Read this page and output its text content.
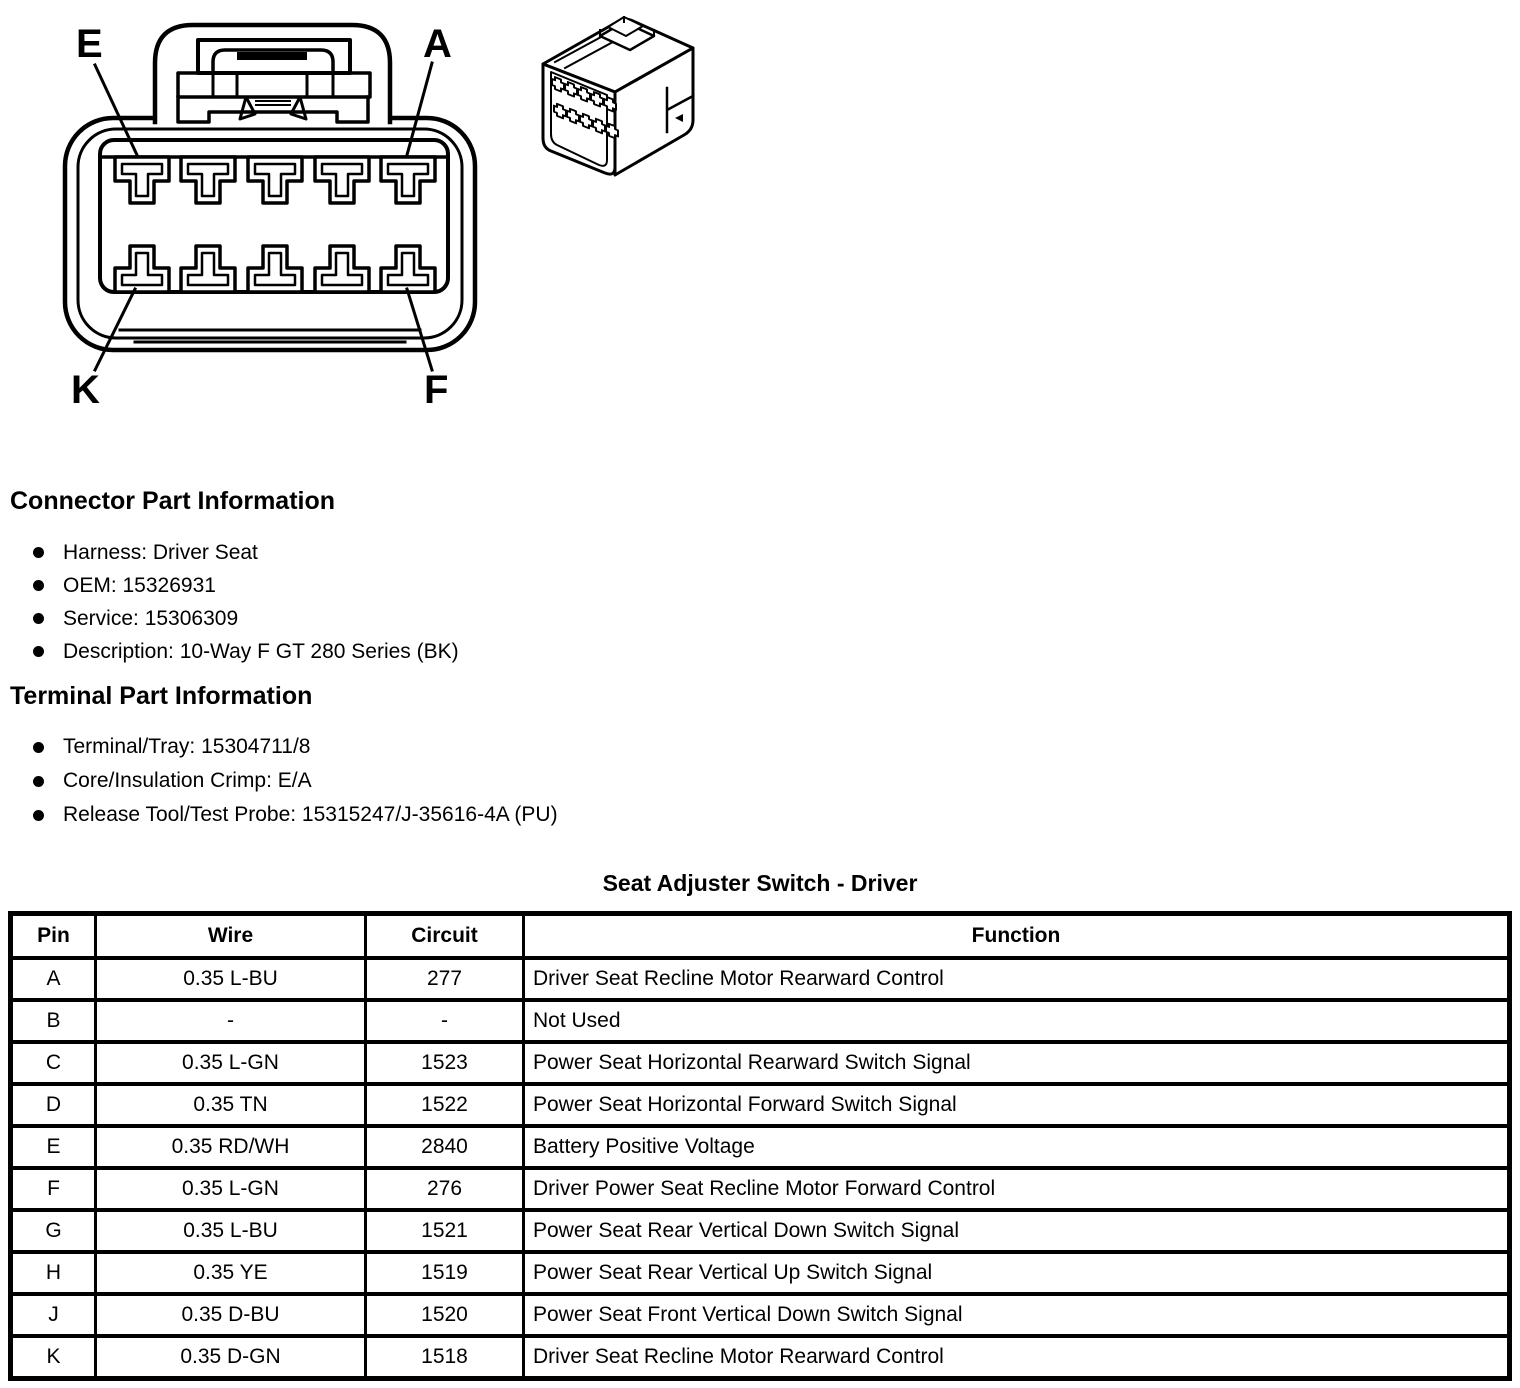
E	A
K	F
Connector Part Information
Harness: Driver Seat
OEM: 15326931
Service: 15306309
Description: 10-Way F GT 280 Series (BK)
Terminal Part Information
Terminal/Tray: 15304711/8
Core/Insulation Crimp: E/A
Release Tool/Test Probe: 15315247/J-35616-4A (PU)
Seat Adjuster Switch - Driver
Pin	Wire	Circuit	Function
A	0.35 L-BU	277	Driver Seat Recline Motor Rearward Control
B	-	-	Not Used
C	0.35 L-GN	1523	Power Seat Horizontal Rearward Switch Signal
D	0.35 TN	1522	Power Seat Horizontal Forward Switch Signal
E	0.35 RD/WH	2840	Battery Positive Voltage
F	0.35 L-GN	276	Driver Power Seat Recline Motor Forward Control
G	0.35 L-BU	1521	Power Seat Rear Vertical Down Switch Signal
H	0.35 YE	1519	Power Seat Rear Vertical Up Switch Signal
J	0.35 D-BU	1520	Power Seat Front Vertical Down Switch Signal
K	0.35 D-GN	1518	Driver Seat Recline Motor Rearward Control
